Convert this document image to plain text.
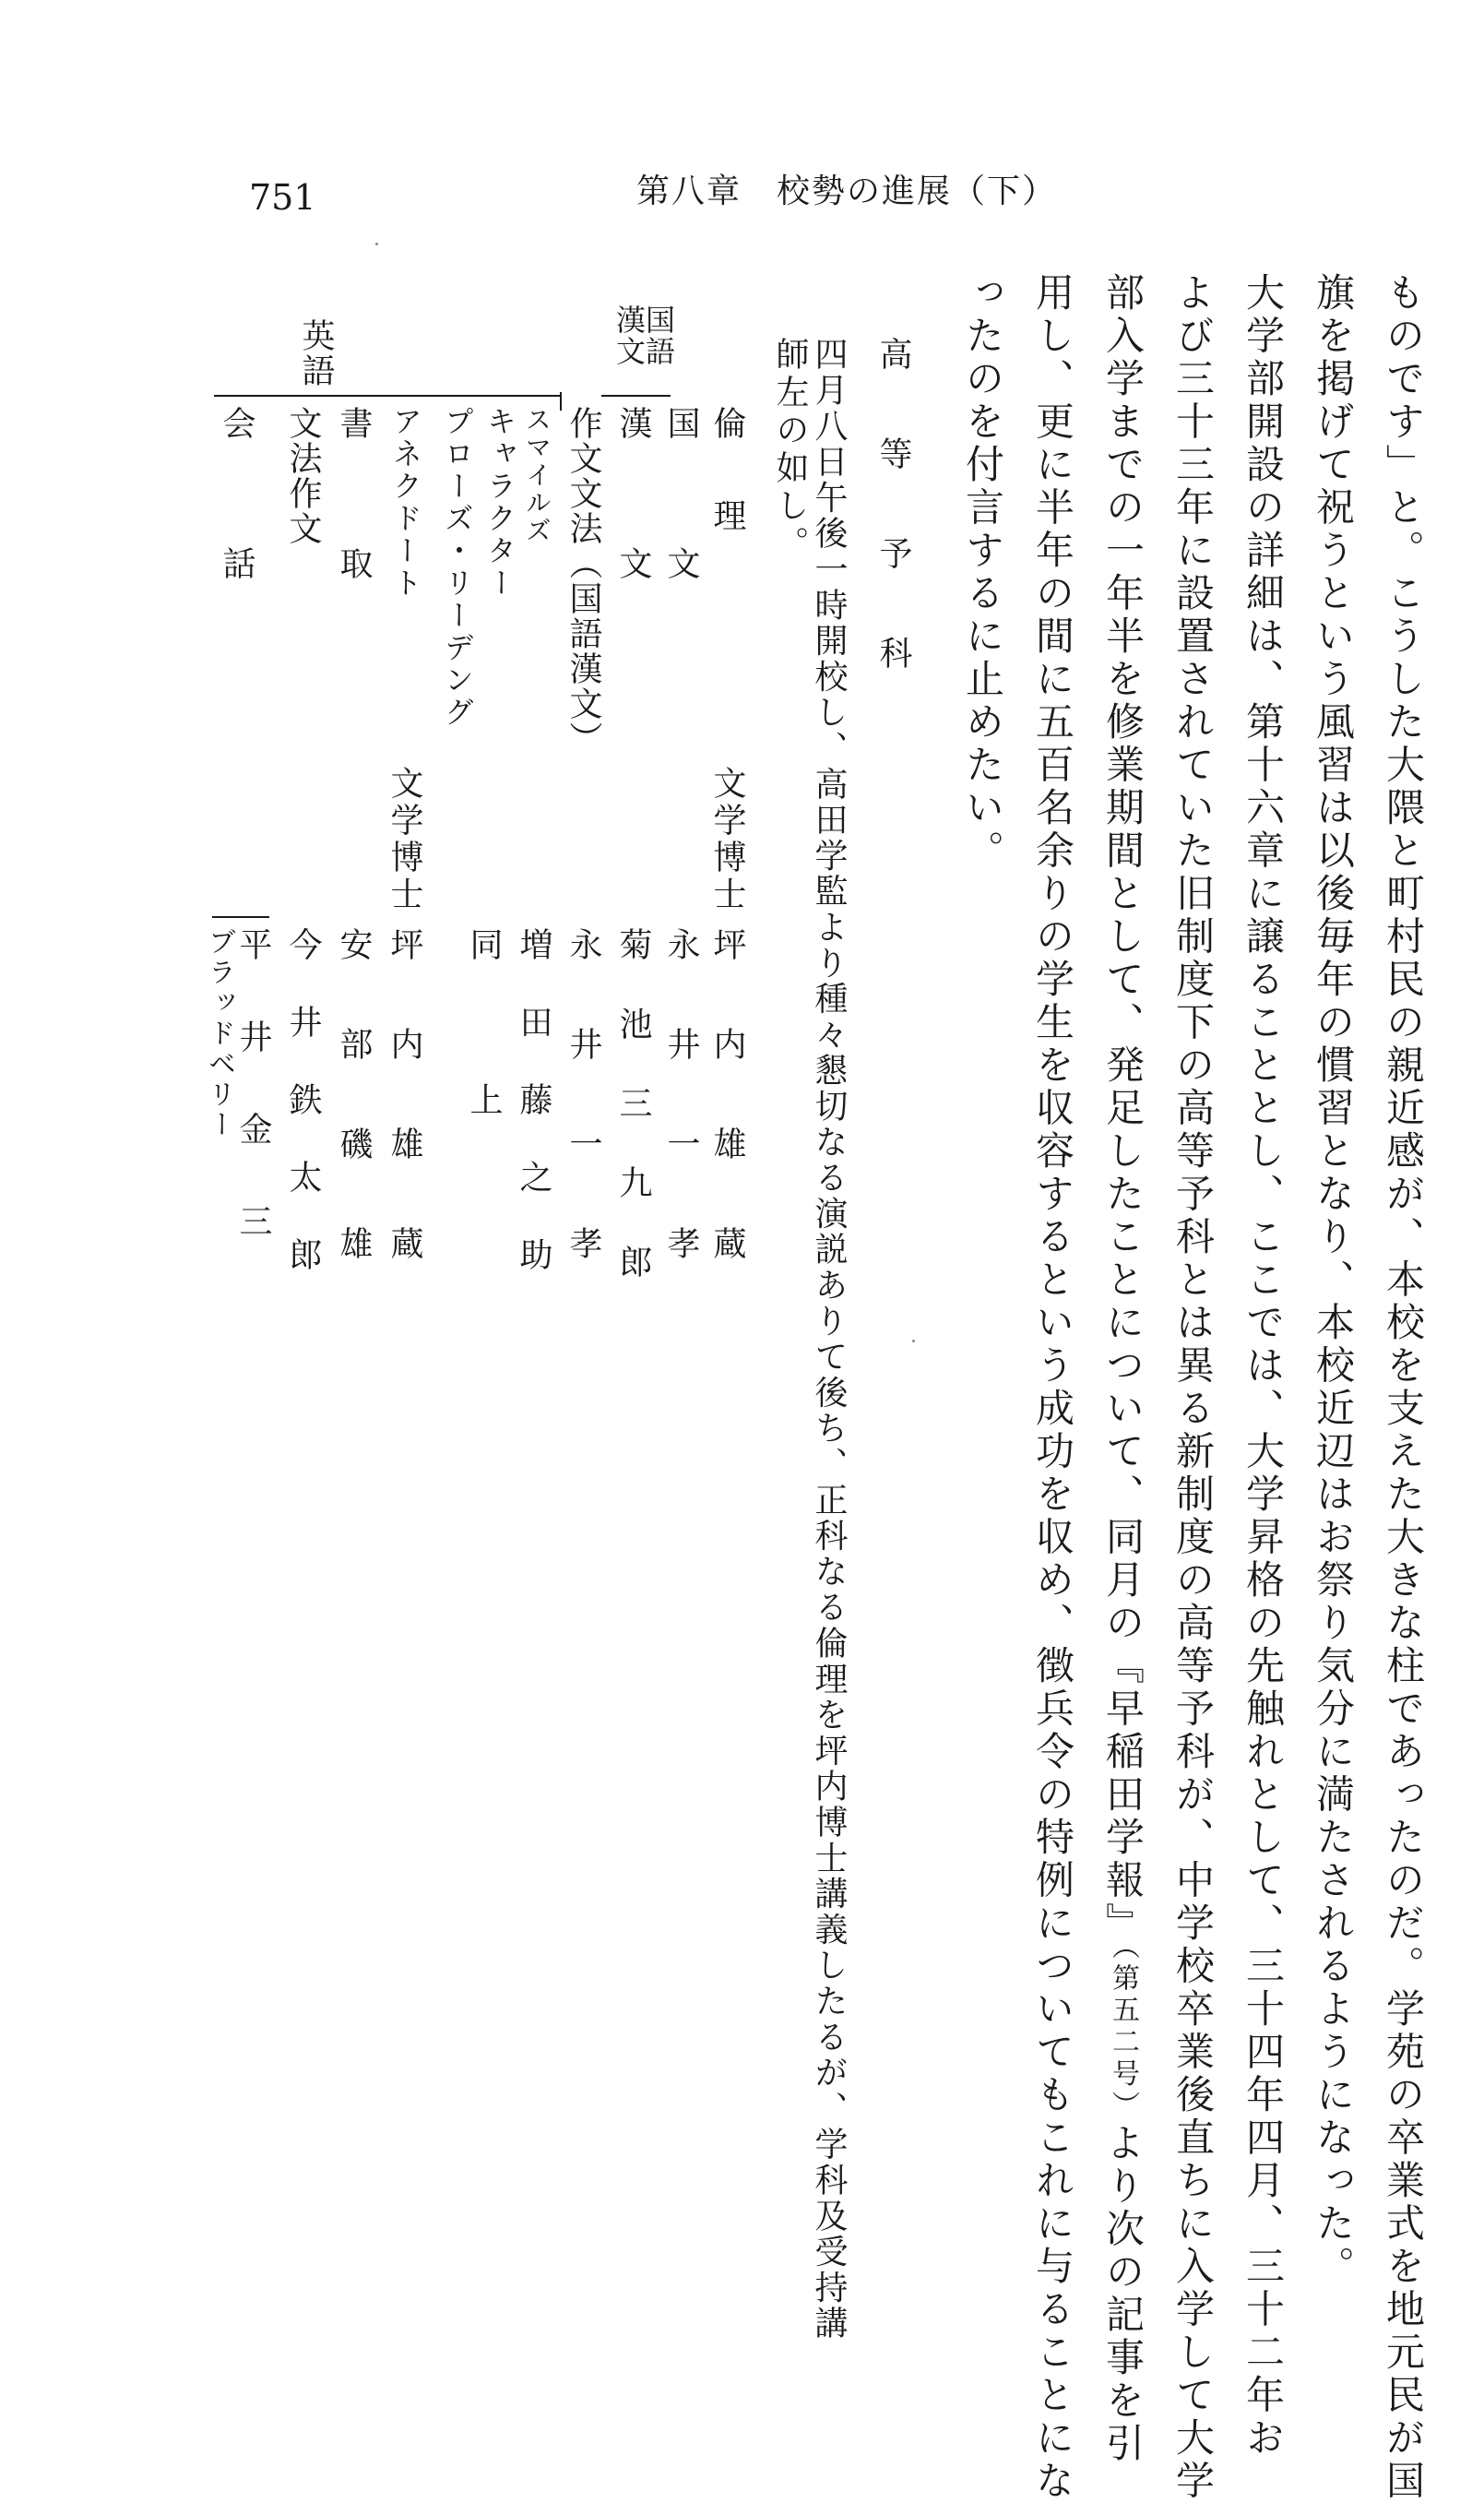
751	第八章　校勢の進展（下）
ものです」と。こうした大隈と町村民の親近感が、本校を支えた大きな柱であったのだ。学苑の卒業式を地元民が国
旗を掲げて祝うという風習は以後毎年の慣習となり、本校近辺はお祭り気分に満たされるようになった。
大学部開設の詳細は、第十六章に譲ることとし、ここでは、大学昇格の先触れとして、三十四年四月、三十二年お
よび三十三年に設置されていた旧制度下の高等予科とは異る新制度の高等予科が、中学校卒業後直ちに入学して大学
部入学までの一年半を修業期間として、発足したことについて、同月の『早稲田学報』（第五二号）より次の記事を引
用し、更に半年の間に五百名余りの学生を収容するという成功を収め、徴兵令の特例についてもこれに与ることにな
ったのを付言するに止めたい。
高　等　予　科
四月八日午後一時開校し、高田学監より種々懇切なる演説ありて後ち、正科なる倫理を坪内博士講義したるが、学科及受持講
師左の如し。
倫　理
文学博士
坪　内　雄　蔵
国語漢文
国　文
永　井　一　孝
漢　文
菊　池　三　九　郎
作文文法（国語漢文）
永　井　一　孝
英語
スマイルズ
増　田　藤　之　助
キャラクター
同　　　上
プローズ・リーデング
アネクドート
文学博士
坪　内　雄　蔵
書　取
安　部　磯　雄
文法作文
今　井　鉄　太　郎
会　話
平　井　金　三
ブラッドベリー
